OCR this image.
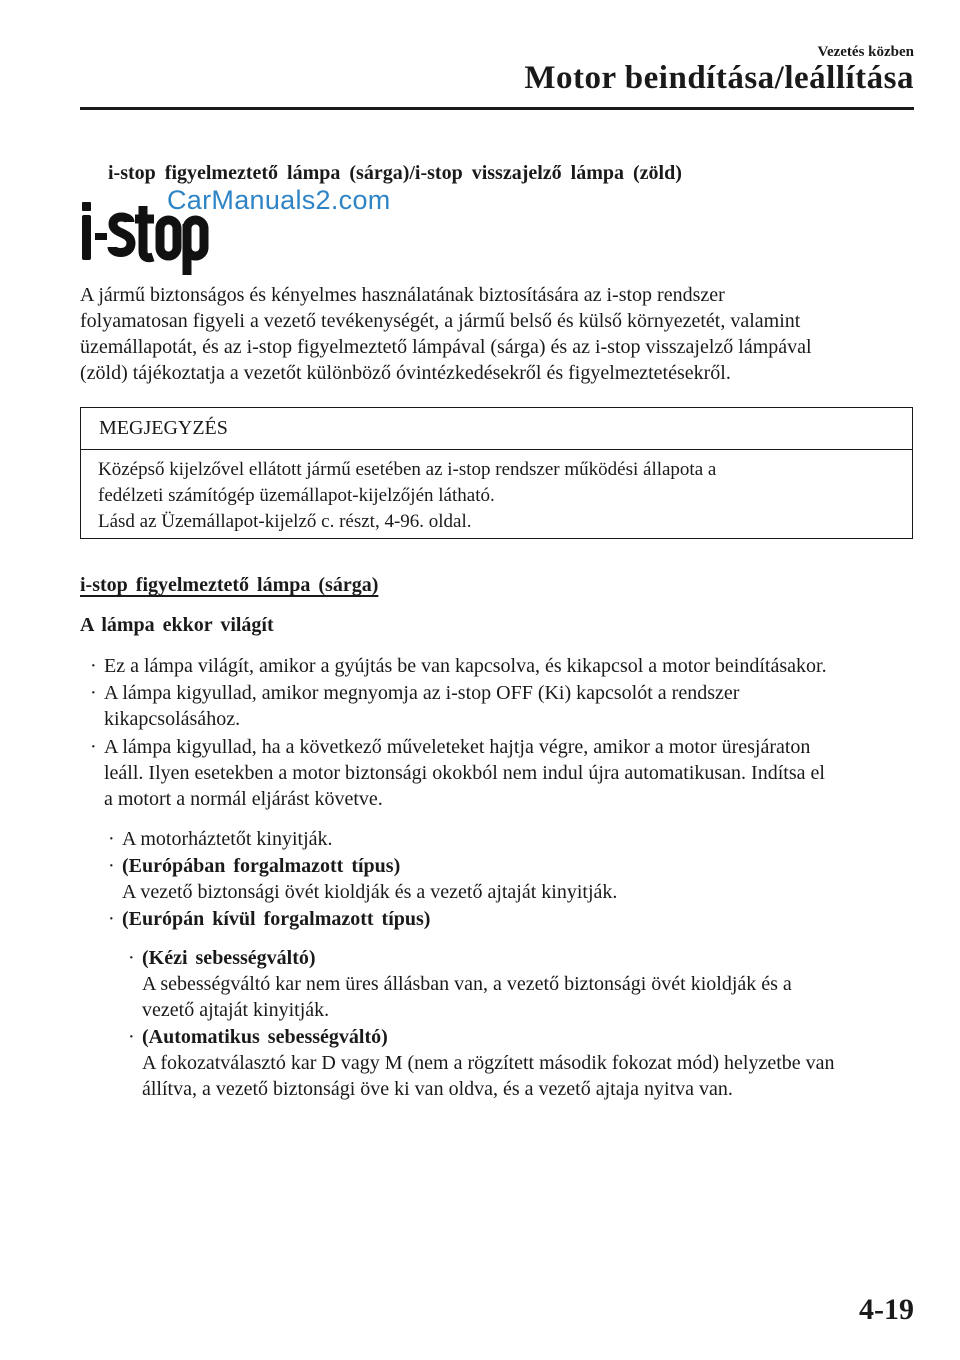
Vezetés közben
Motor beindítása/leállítása
i-stop figyelmeztető lámpa (sárga)/i-stop visszajelző lámpa (zöld)
CarManuals2.com
A jármű biztonságos és kényelmes használatának biztosítására az i-stop rendszer
folyamatosan figyeli a vezető tevékenységét, a jármű belső és külső környezetét, valamint
üzemállapotát, és az i-stop figyelmeztető lámpával (sárga) és az i-stop visszajelző lámpával
(zöld) tájékoztatja a vezetőt különböző óvintézkedésekről és figyelmeztetésekről.
MEGJEGYZÉS
Középső kijelzővel ellátott jármű esetében az i-stop rendszer működési állapota a
fedélzeti számítógép üzemállapot-kijelzőjén látható.
Lásd az Üzemállapot-kijelző c. részt, 4-96. oldal.
i-stop figyelmeztető lámpa (sárga)
A lámpa ekkor világít
· Ez a lámpa világít, amikor a gyújtás be van kapcsolva, és kikapcsol a motor beindításakor.
· A lámpa kigyullad, amikor megnyomja az i-stop OFF (Ki) kapcsolót a rendszer
kikapcsolásához.
· A lámpa kigyullad, ha a következő műveleteket hajtja végre, amikor a motor üresjáraton
leáll. Ilyen esetekben a motor biztonsági okokból nem indul újra automatikusan. Indítsa el
a motort a normál eljárást követve.
· A motorháztetőt kinyitják.
· (Európában forgalmazott típus)
A vezető biztonsági övét kioldják és a vezető ajtaját kinyitják.
· (Európán kívül forgalmazott típus)
· (Kézi sebességváltó)
A sebességváltó kar nem üres állásban van, a vezető biztonsági övét kioldják és a
vezető ajtaját kinyitják.
· (Automatikus sebességváltó)
A fokozatválasztó kar D vagy M (nem a rögzített második fokozat mód) helyzetbe van
állítva, a vezető biztonsági öve ki van oldva, és a vezető ajtaja nyitva van.
4-19
